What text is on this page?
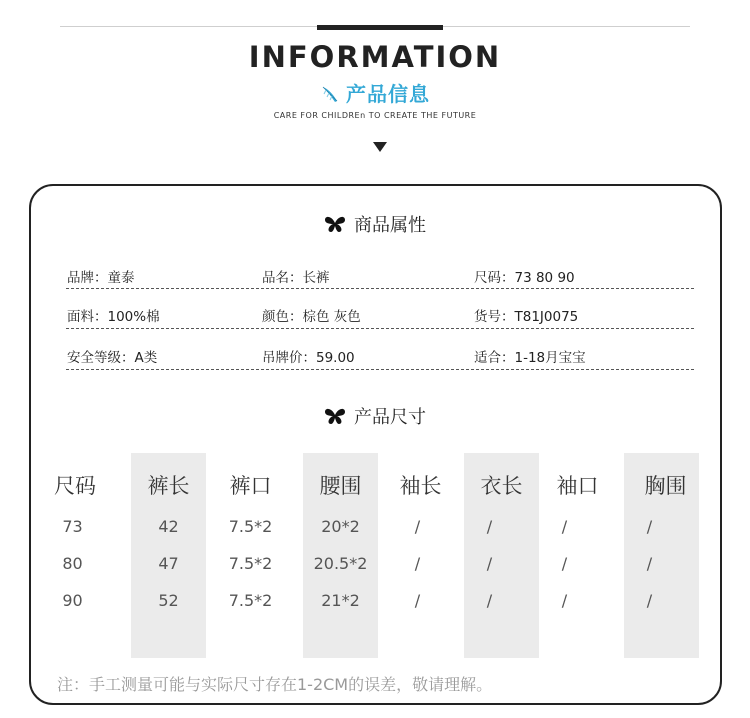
INFORMATION
产品信息
CARE FOR CHILDREn TO CREATE THE FUTURE
商品属性
品牌：童泰	品名：长裤	尺码：73 80 90
面料：100%棉	颜色：棕色 灰色	货号：T81J0075
安全等级：A类	吊牌价：59.00	适合：1-18月宝宝
产品尺寸
尺码	裤长	裤口	腰围	袖长	衣长	袖口	胸围
73	42	7.5*2	20*2	/	/	/	/
80	47	7.5*2	20.5*2	/	/	/	/
90	52	7.5*2	21*2	/	/	/	/
注：手工测量可能与实际尺寸存在1-2CM的误差，敬请理解。
